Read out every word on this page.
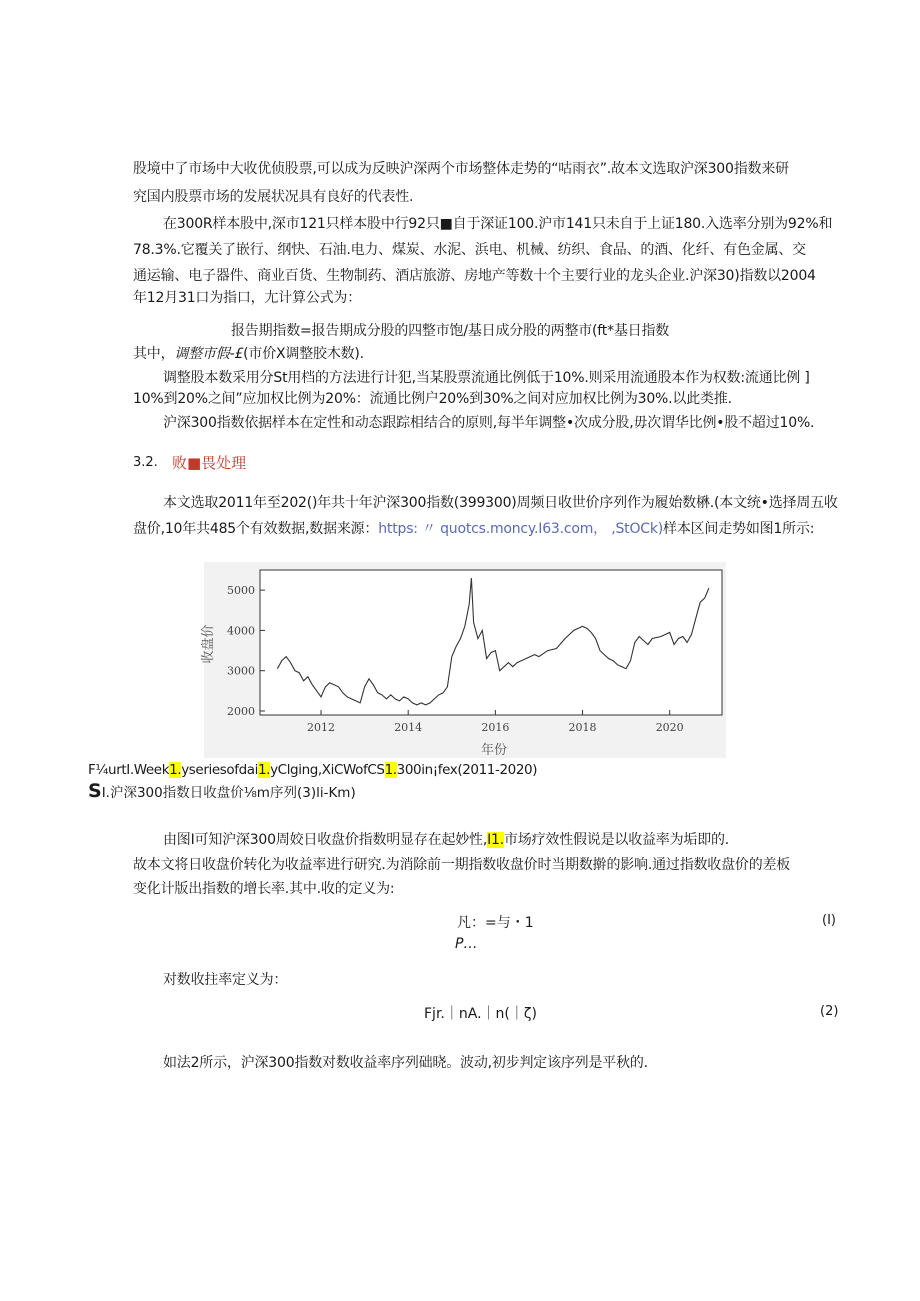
股境中了市场中大收优侦股票,可以成为反映沪深两个市场整体走势的“咕雨衣”.故本文选取沪深300指数来研
究国内股票市场的发展状况具有良好的代表性.
在300R样本股中,深市121只样本股中行92只■自于深证100.沪市141只未自于上证180.入选率分别为92%和
78.3%.它覆关了嵌行、纲快、石油.电力、煤炭、水泥、浜电、机械、纺织、食品、的酒、化纤、有色金属、交
通运输、电子器件、商业百货、生物制药、酒店旅游、房地产等数十个主要行业的龙头企业.沪深30)指数以2004
年12月31口为指口，尢计算公式为：
报告期指数=报告期成分股的四整市饱/基日成分股的两整市(ft*基日指数
其中，调整市假-£(市价X调整胶木数).
调整股本数采用分St用档的方法进行计犯,当某股票流通比例低于10%.则采用流通股本作为权数:流通比例 ]
10%到20%之间”应加权比例为20%：流通比例户20%到30%之间对应加权比例为30%.以此类推.
沪深300指数依据样本在定性和动态跟踪相结合的原则,每半年调整•次成分股,毋次谓华比例•股不超过10%.
3.2. 败■畏处理
本文选取2011年至202()年共十年沪深300指数(399300)周频日收世价序列作为履始数楙.(本文统•选择周五收
盘价,10年共485个有效数据,数据来源：https: 〃 quotcs.moncy.I63.com， ,StOCk)样本区间走势如图1所示:
2000
3000
4000
5000
2012	2014	2016	2018	2020
收盘价
年份
F¼urtI.Week1.yseriesofdai1.yClging,XiCWofCS1.300in¡fex(2011-2020)
SI.沪深300指数日收盘价⅛m序列(3)li-Km)
由图I可知沪深300周姣日收盘价指数明显存在起妙性,I1.市场疗效性假说是以收益率为垢即的.
故本文将日收盘价转化为收益率进行研究.为消除前一期指数收盘价时当期数擀的影响.通过指数收盘价的差板
变化计版出指数的增长率.其中.收的定义为:
凡：=与・1
P…
(I)
对数收拄率定义为：
Fjr.｜nA.｜n(｜ζ)	(2)
如法2所示，沪深300指数对数收益率序列础晓。波动,初步判定该序列是平秋的.
